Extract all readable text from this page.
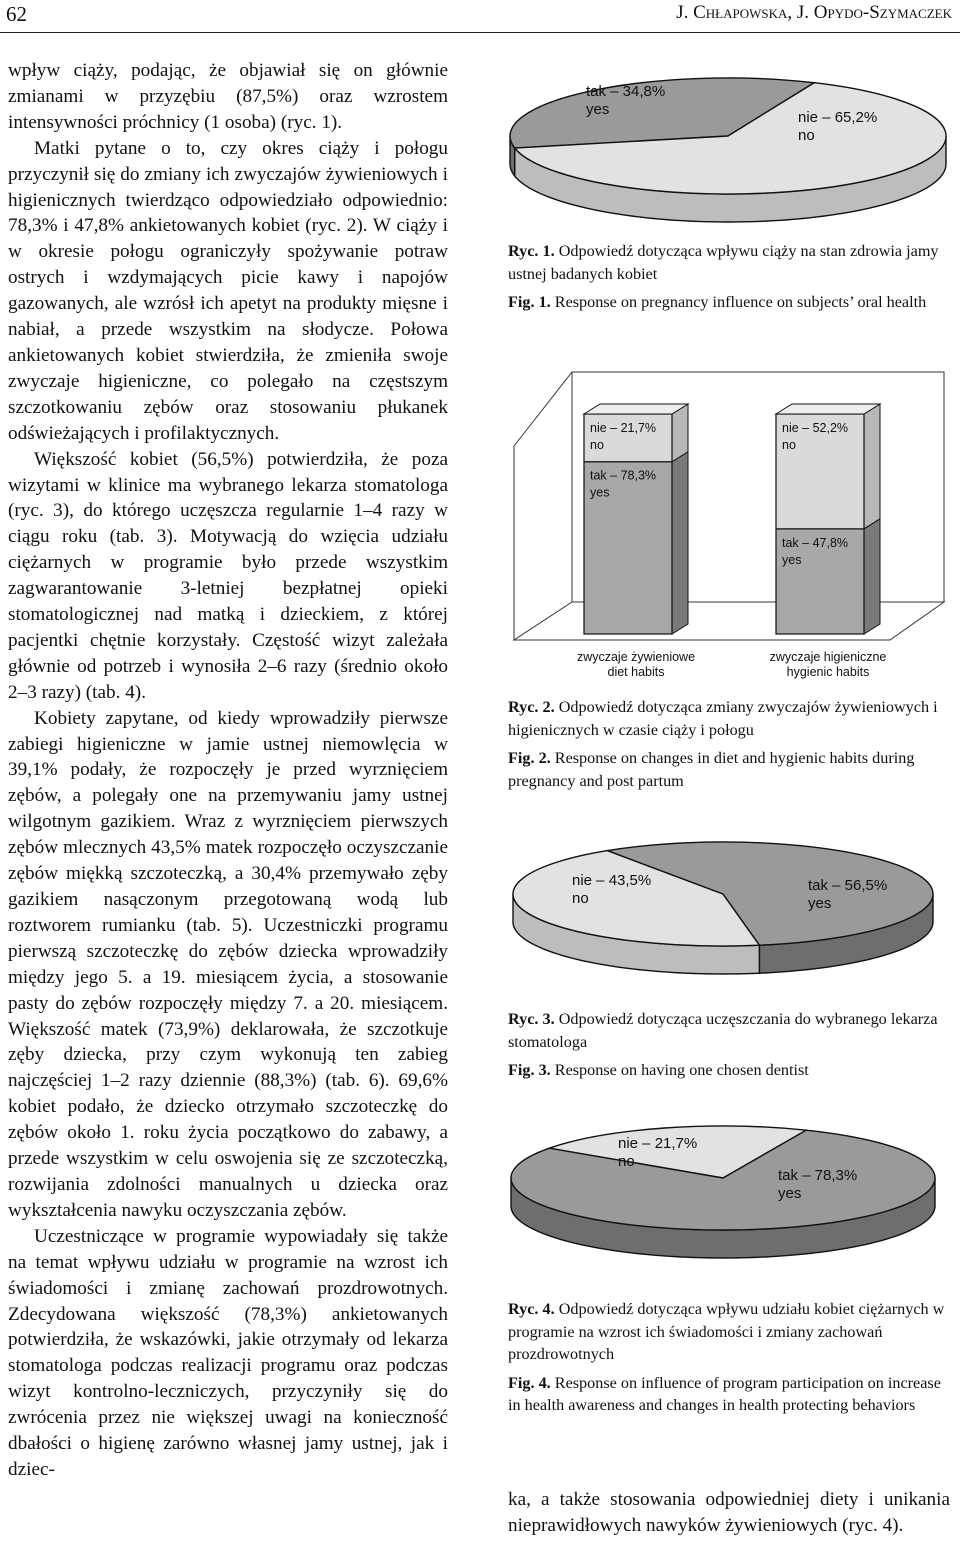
62	J. Chłapowska, J. Opydo-Szymaczek

wpływ ciąży, podając, że objawiał się on głównie zmianami w przyzębiu (87,5%) oraz wzrostem intensywności próchnicy (1 osoba) (ryc. 1).

Matki pytane o to, czy okres ciąży i połogu przyczynił się do zmiany ich zwyczajów żywieniowych i higienicznych twierdząco odpowiedziało odpowiednio: 78,3% i 47,8% ankietowanych kobiet (ryc. 2). W ciąży i w okresie połogu ograniczyły spożywanie potraw ostrych i wzdymających picie kawy i napojów gazowanych, ale wzrósł ich apetyt na produkty mięsne i nabiał, a przede wszystkim na słodycze. Połowa ankietowanych kobiet stwierdziła, że zmieniła swoje zwyczaje higieniczne, co polegało na częstszym szczotkowaniu zębów oraz stosowaniu płukanek odświeżających i profilaktycznych.

Większość kobiet (56,5%) potwierdziła, że poza wizytami w klinice ma wybranego lekarza stomatologa (ryc. 3), do którego uczęszcza regularnie 1–4 razy w ciągu roku (tab. 3). Motywacją do wzięcia udziału ciężarnych w programie było przede wszystkim zagwarantowanie 3-letniej bezpłatnej opieki stomatologicznej nad matką i dzieckiem, z której pacjentki chętnie korzystały. Częstość wizyt zależała głównie od potrzeb i wynosiła 2–6 razy (średnio około 2–3 razy) (tab. 4).

Kobiety zapytane, od kiedy wprowadziły pierwsze zabiegi higieniczne w jamie ustnej niemowlęcia w 39,1% podały, że rozpoczęły je przed wyrznięciem zębów, a polegały one na przemywaniu jamy ustnej wilgotnym gazikiem. Wraz z wyrznięciem pierwszych zębów mlecznych 43,5% matek rozpoczęło oczyszczanie zębów miękką szczoteczką, a 30,4% przemywało zęby gazikiem nasączonym przegotowaną wodą lub roztworem rumianku (tab. 5). Uczestniczki programu pierwszą szczoteczkę do zębów dziecka wprowadziły między jego 5. a 19. miesiącem życia, a stosowanie pasty do zębów rozpoczęły między 7. a 20. miesiącem. Większość matek (73,9%) deklarowała, że szczotkuje zęby dziecka, przy czym wykonują ten zabieg najczęściej 1–2 razy dziennie (88,3%) (tab. 6). 69,6% kobiet podało, że dziecko otrzymało szczoteczkę do zębów około 1. roku życia początkowo do zabawy, a przede wszystkim w celu oswojenia się ze szczoteczką, rozwijania zdolności manualnych u dziecka oraz wykształcenia nawyku oczyszczania zębów.

Uczestniczące w programie wypowiadały się także na temat wpływu udziału w programie na wzrost ich świadomości i zmianę zachowań prozdrowotnych. Zdecydowana większość (78,3%) ankietowanych potwierdziła, że wskazówki, jakie otrzymały od lekarza stomatologa podczas realizacji programu oraz podczas wizyt kontrolno-leczniczych, przyczyniły się do zwrócenia przez nie większej uwagi na konieczność dbałości o higienę zarówno własnej jamy ustnej, jak i dziec-

tak – 34,8%
yes	nie – 65,2%
no

Ryc. 1. Odpowiedź dotycząca wpływu ciąży na stan zdrowia jamy ustnej badanych kobiet

Fig. 1. Response on pregnancy influence on subjects’ oral health

tak – 78,3%
yes
nie – 21,7%
no
zwyczaje żywieniowe
diet habits
tak – 47,8%
yes
nie – 52,2%
no
zwyczaje higieniczne
hygienic habits

Ryc. 2. Odpowiedź dotycząca zmiany zwyczajów żywieniowych i higienicznych w czasie ciąży i połogu

Fig. 2. Response on changes in diet and hygienic habits during pregnancy and post partum

nie – 43,5%
no
tak – 56,5%
yes

Ryc. 3. Odpowiedź dotycząca uczęszczania do wybranego lekarza stomatologa

Fig. 3. Response on having one chosen dentist

nie – 21,7%
no
tak – 78,3%
yes

Ryc. 4. Odpowiedź dotycząca wpływu udziału kobiet ciężarnych w programie na wzrost ich świadomości i zmiany zachowań prozdrowotnych

Fig. 4. Response on influence of program participation on increase in health awareness and changes in health protecting behaviors

ka, a także stosowania odpowiedniej diety i unikania nieprawidłowych nawyków żywieniowych (ryc. 4).
